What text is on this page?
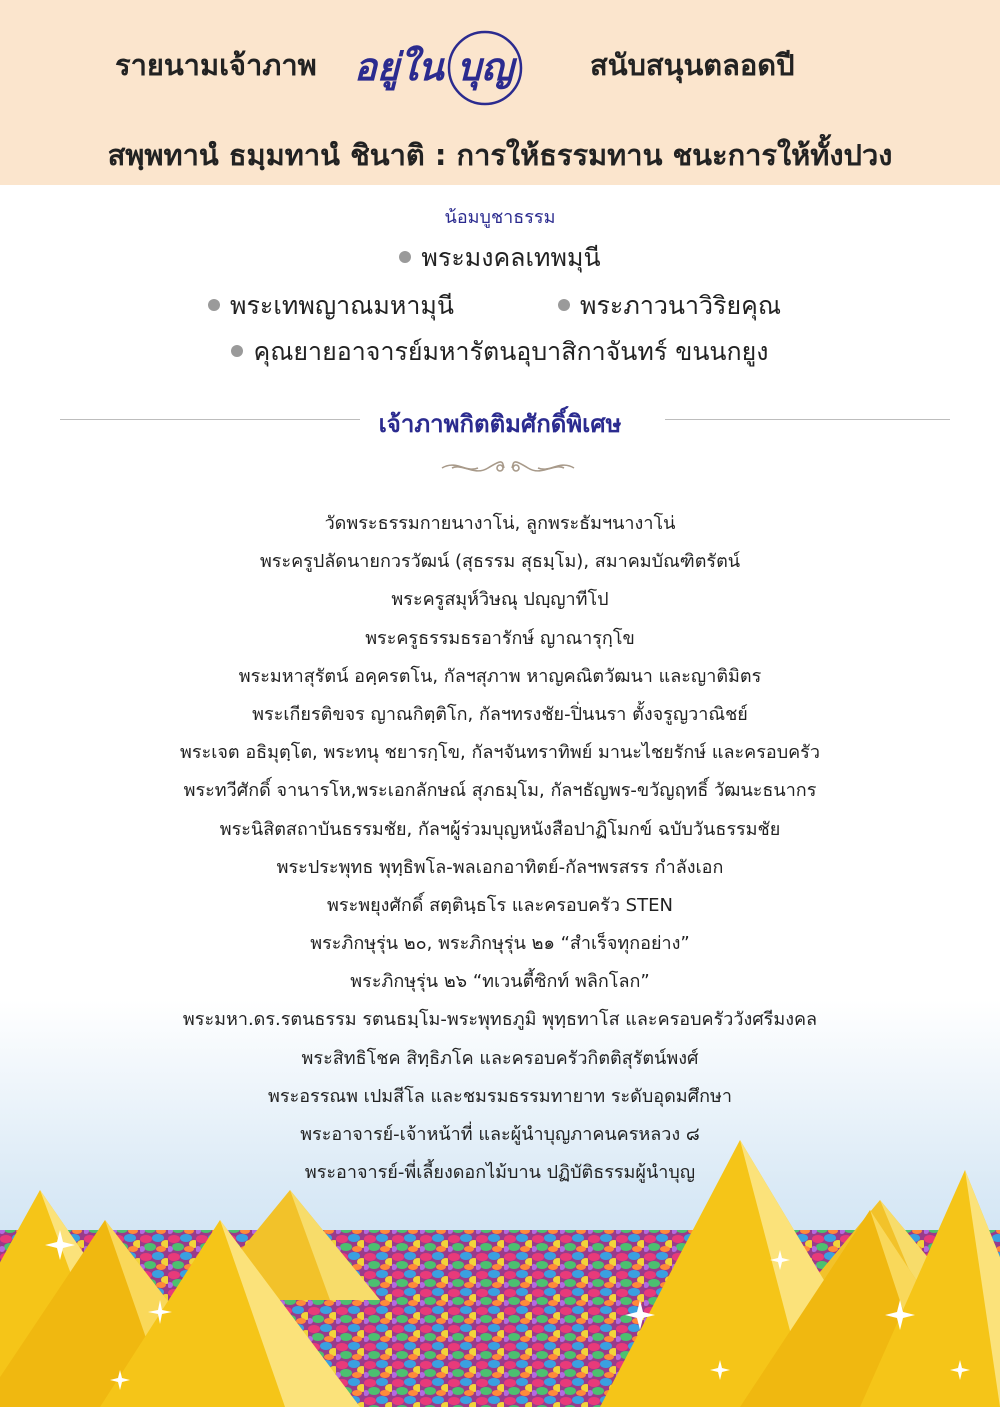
รายนามเจ้าภาพ อยู่ใน บุญ	สนับสนุนตลอดปี
สพฺพทานํ ธมฺมทานํ ชินาติ : การให้ธรรมทาน ชนะการให้ทั้งปวง
น้อมบูชาธรรม
พระมงคลเทพมุนี
พระเทพญาณมหามุนี	พระภาวนาวิริยคุณ
คุณยายอาจารย์มหารัตนอุบาสิกาจันทร์ ขนนกยูง
เจ้าภาพกิตติมศักดิ์พิเศษ
วัดพระธรรมกายนางาโน่, ลูกพระธัมฯนางาโน่
พระครูปลัดนายกวรวัฒน์ (สุธรรม สุธมฺโม), สมาคมบัณฑิตรัตน์
พระครูสมุห์วิษณุ ปญฺญาทีโป
พระครูธรรมธรอารักษ์ ญาณารุกฺโข
พระมหาสุรัตน์ อคฺครตโน, กัลฯสุภาพ หาญคณิตวัฒนา และญาติมิตร
พระเกียรติขจร ญาณกิตฺติโก, กัลฯทรงชัย-ปิ่นนรา ตั้งจรูญวาณิชย์
พระเจต อธิมุตฺโต, พระทนุ ชยารกฺโข, กัลฯจันทราทิพย์ มานะไชยรักษ์ และครอบครัว
พระทวีศักดิ์ จานารโห,พระเอกลักษณ์ สุภธมฺโม, กัลฯธัญพร-ขวัญฤทธิ์ วัฒนะธนากร
พระนิสิตสถาบันธรรมชัย, กัลฯผู้ร่วมบุญหนังสือปาฏิโมกข์ ฉบับวันธรรมชัย
พระประพุทธ พุทฺธิพโล-พลเอกอาทิตย์-กัลฯพรสรร กำลังเอก
พระพยุงศักดิ์ สตฺตินฺธโร และครอบครัว STEN
พระภิกษุรุ่น ๒๐, พระภิกษุรุ่น ๒๑ “สำเร็จทุกอย่าง”
พระภิกษุรุ่น ๒๖ “ทเวนตี้ซิกท์ พลิกโลก”
พระมหา.ดร.รตนธรรม รตนธมฺโม-พระพุทธภูมิ พุทฺธทาโส และครอบครัววังศรีมงคล
พระสิทธิโชค สิทฺธิภโค และครอบครัวกิตติสุรัตน์พงศ์
พระอรรณพ เปมสีโล และชมรมธรรมทายาท ระดับอุดมศึกษา
พระอาจารย์-เจ้าหน้าที่ และผู้นำบุญภาคนครหลวง ๘
พระอาจารย์-พี่เลี้ยงดอกไม้บาน ปฏิบัติธรรมผู้นำบุญ
